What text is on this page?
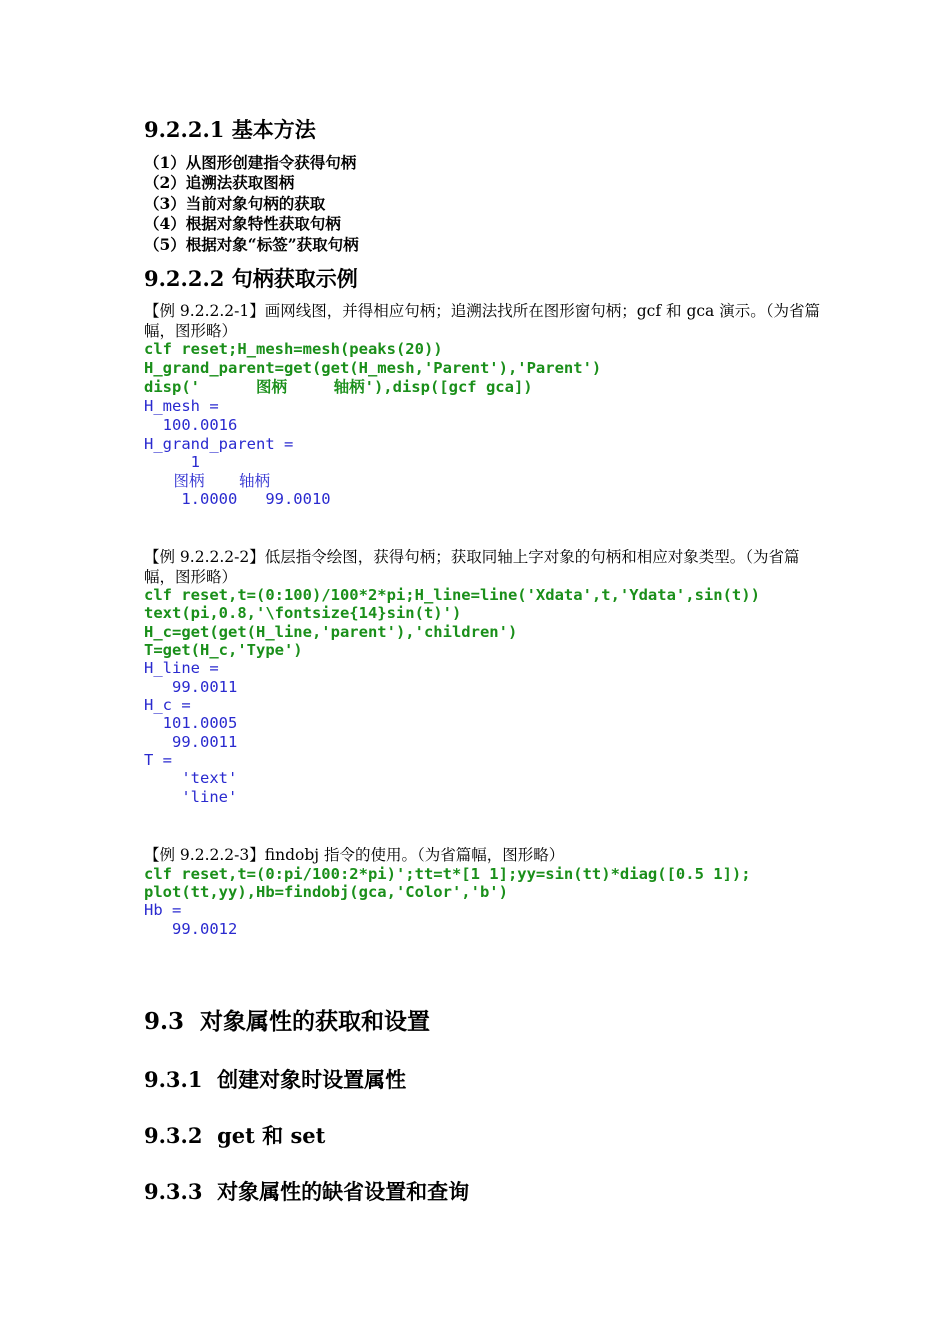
9.2.2.1 基本方法
（1）从图形创建指令获得句柄
（2）追溯法获取图柄
（3）当前对象句柄的获取
（4）根据对象特性获取句柄
（5）根据对象“标签”获取句柄
9.2.2.2 句柄获取示例
【例 9.2.2.2-1】画网线图，并得相应句柄；追溯法找所在图形窗句柄；gcf 和 gca 演示。（为省篇
幅，图形略）
clf reset;H_mesh=mesh(peaks(20))
H_grand_parent=get(get(H_mesh,'Parent'),'Parent')
disp('      图柄     轴柄'),disp([gcf gca])
H_mesh =
100.0016
H_grand_parent =
1
图柄       轴柄
1.0000   99.0010
【例 9.2.2.2-2】低层指令绘图，获得句柄；获取同轴上字对象的句柄和相应对象类型。（为省篇
幅，图形略）
clf reset,t=(0:100)/100*2*pi;H_line=line('Xdata',t,'Ydata',sin(t))
text(pi,0.8,'\fontsize{14}sin(t)')
H_c=get(get(H_line,'parent'),'children')
T=get(H_c,'Type')
H_line =
99.0011
H_c =
101.0005
99.0011
T =
'text'
'line'
【例 9.2.2.2-3】findobj 指令的使用。（为省篇幅，图形略）
clf reset,t=(0:pi/100:2*pi)';tt=t*[1 1];yy=sin(tt)*diag([0.5 1]);
plot(tt,yy),Hb=findobj(gca,'Color','b')
Hb =
99.0012
9.3  对象属性的获取和设置
9.3.1  创建对象时设置属性
9.3.2  get 和 set
9.3.3  对象属性的缺省设置和查询
